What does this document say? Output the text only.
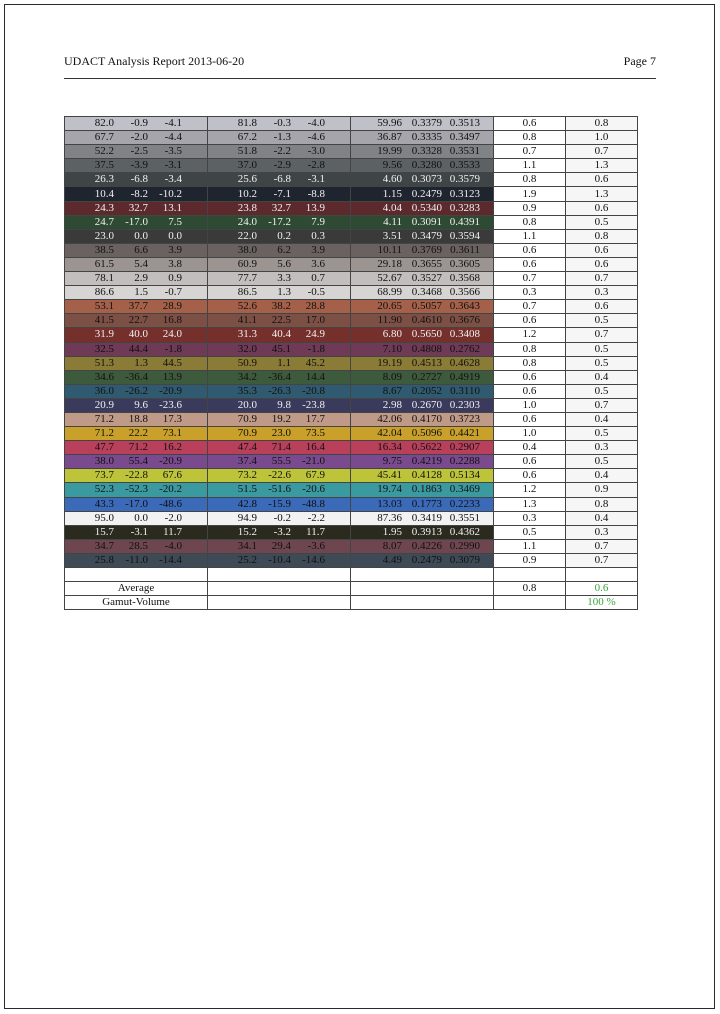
UDACT Analysis Report 2013-06-20	Page 7
82.0 -0.9 -4.1	81.8 -0.3 -4.0	59.96 0.3379 0.3513	0.6	0.8

67.7 -2.0 -4.4	67.2 -1.3 -4.6	36.87 0.3335 0.3497	0.8	1.0

52.2 -2.5 -3.5	51.8 -2.2 -3.0	19.99 0.3328 0.3531	0.7	0.7

37.5 -3.9 -3.1	37.0 -2.9 -2.8	9.56 0.3280 0.3533	1.1	1.3

26.3 -6.8 -3.4	25.6 -6.8 -3.1	4.60 0.3073 0.3579	0.8	0.6

10.4 -8.2 -10.2	10.2 -7.1 -8.8	1.15 0.2479 0.3123	1.9	1.3

24.3 32.7 13.1	23.8 32.7 13.9	4.04 0.5340 0.3283	0.9	0.6

24.7 -17.0 7.5	24.0 -17.2 7.9	4.11 0.3091 0.4391	0.8	0.5

23.0 0.0 0.0	22.0 0.2 0.3	3.51 0.3479 0.3594	1.1	0.8

38.5 6.6 3.9	38.0 6.2 3.9	10.11 0.3769 0.3611	0.6	0.6

61.5 5.4 3.8	60.9 5.6 3.6	29.18 0.3655 0.3605	0.6	0.6

78.1 2.9 0.9	77.7 3.3 0.7	52.67 0.3527 0.3568	0.7	0.7

86.6 1.5 -0.7	86.5 1.3 -0.5	68.99 0.3468 0.3566	0.3	0.3

53.1 37.7 28.9	52.6 38.2 28.8	20.65 0.5057 0.3643	0.7	0.6

41.5 22.7 16.8	41.1 22.5 17.0	11.90 0.4610 0.3676	0.6	0.5

31.9 40.0 24.0	31.3 40.4 24.9	6.80 0.5650 0.3408	1.2	0.7

32.5 44.4 -1.8	32.0 45.1 -1.8	7.10 0.4808 0.2762	0.8	0.5

51.3 1.3 44.5	50.9 1.1 45.2	19.19 0.4513 0.4628	0.8	0.5

34.6 -36.4 13.9	34.2 -36.4 14.4	8.09 0.2727 0.4919	0.6	0.4

36.0 -26.2 -20.9	35.3 -26.3 -20.8	8.67 0.2052 0.3110	0.6	0.5

20.9 9.6 -23.6	20.0 9.8 -23.8	2.98 0.2670 0.2303	1.0	0.7

71.2 18.8 17.3	70.9 19.2 17.7	42.06 0.4170 0.3723	0.6	0.4

71.2 22.2 73.1	70.9 23.0 73.5	42.04 0.5096 0.4421	1.0	0.5

47.7 71.2 16.2	47.4 71.4 16.4	16.34 0.5622 0.2907	0.4	0.3

38.0 55.4 -20.9	37.4 55.5 -21.0	9.75 0.4219 0.2288	0.6	0.5

73.7 -22.8 67.6	73.2 -22.6 67.9	45.41 0.4128 0.5134	0.6	0.4

52.3 -52.3 -20.2	51.5 -51.6 -20.6	19.74 0.1863 0.3469	1.2	0.9

43.3 -17.0 -48.6	42.8 -15.9 -48.8	13.03 0.1773 0.2233	1.3	0.8

95.0 0.0 -2.0	94.9 -0.2 -2.2	87.36 0.3419 0.3551	0.3	0.4

15.7 -3.1 11.7	15.2 -3.2 11.7	1.95 0.3913 0.4362	0.5	0.3

34.7 28.5 -4.0	34.1 29.4 -3.6	8.07 0.4226 0.2990	1.1	0.7

25.8 -11.0 -14.4	25.2 -10.4 -14.6	4.49 0.2479 0.3079	0.9	0.7

Average			0.8	0.6
Gamut-Volume				100 %
